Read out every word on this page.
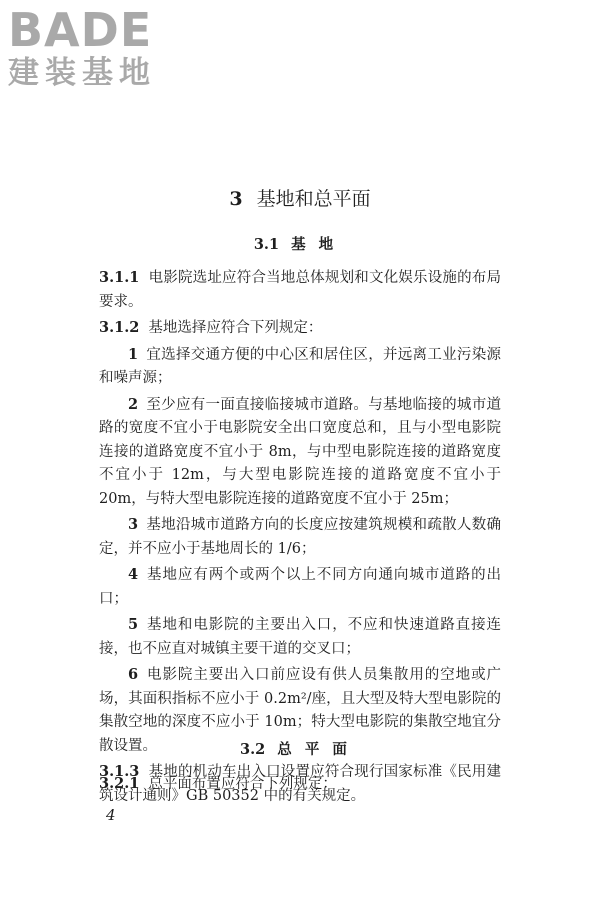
BADE
建装基地
3 基地和总平面
3.1 基地

3.1.1 电影院选址应符合当地总体规划和文化娱乐设施的布局要求。

3.1.2 基地选择应符合下列规定：

1 宜选择交通方便的中心区和居住区，并远离工业污染源和噪声源；

2 至少应有一面直接临接城市道路。与基地临接的城市道路的宽度不宜小于电影院安全出口宽度总和，且与小型电影院连接的道路宽度不宜小于 8m，与中型电影院连接的道路宽度不宜小于 12m，与大型电影院连接的道路宽度不宜小于 20m，与特大型电影院连接的道路宽度不宜小于 25m；

3 基地沿城市道路方向的长度应按建筑规模和疏散人数确定，并不应小于基地周长的 1/6；

4 基地应有两个或两个以上不同方向通向城市道路的出口；

5 基地和电影院的主要出入口，不应和快速道路直接连接，也不应直对城镇主要干道的交叉口；

6 电影院主要出入口前应设有供人员集散用的空地或广场，其面积指标不应小于 0.2m²/座，且大型及特大型电影院的集散空地的深度不应小于 10m；特大型电影院的集散空地宜分散设置。

3.1.3 基地的机动车出入口设置应符合现行国家标准《民用建筑设计通则》GB 50352 中的有关规定。

3.2 总平面

3.2.1 总平面布置应符合下列规定：

4
